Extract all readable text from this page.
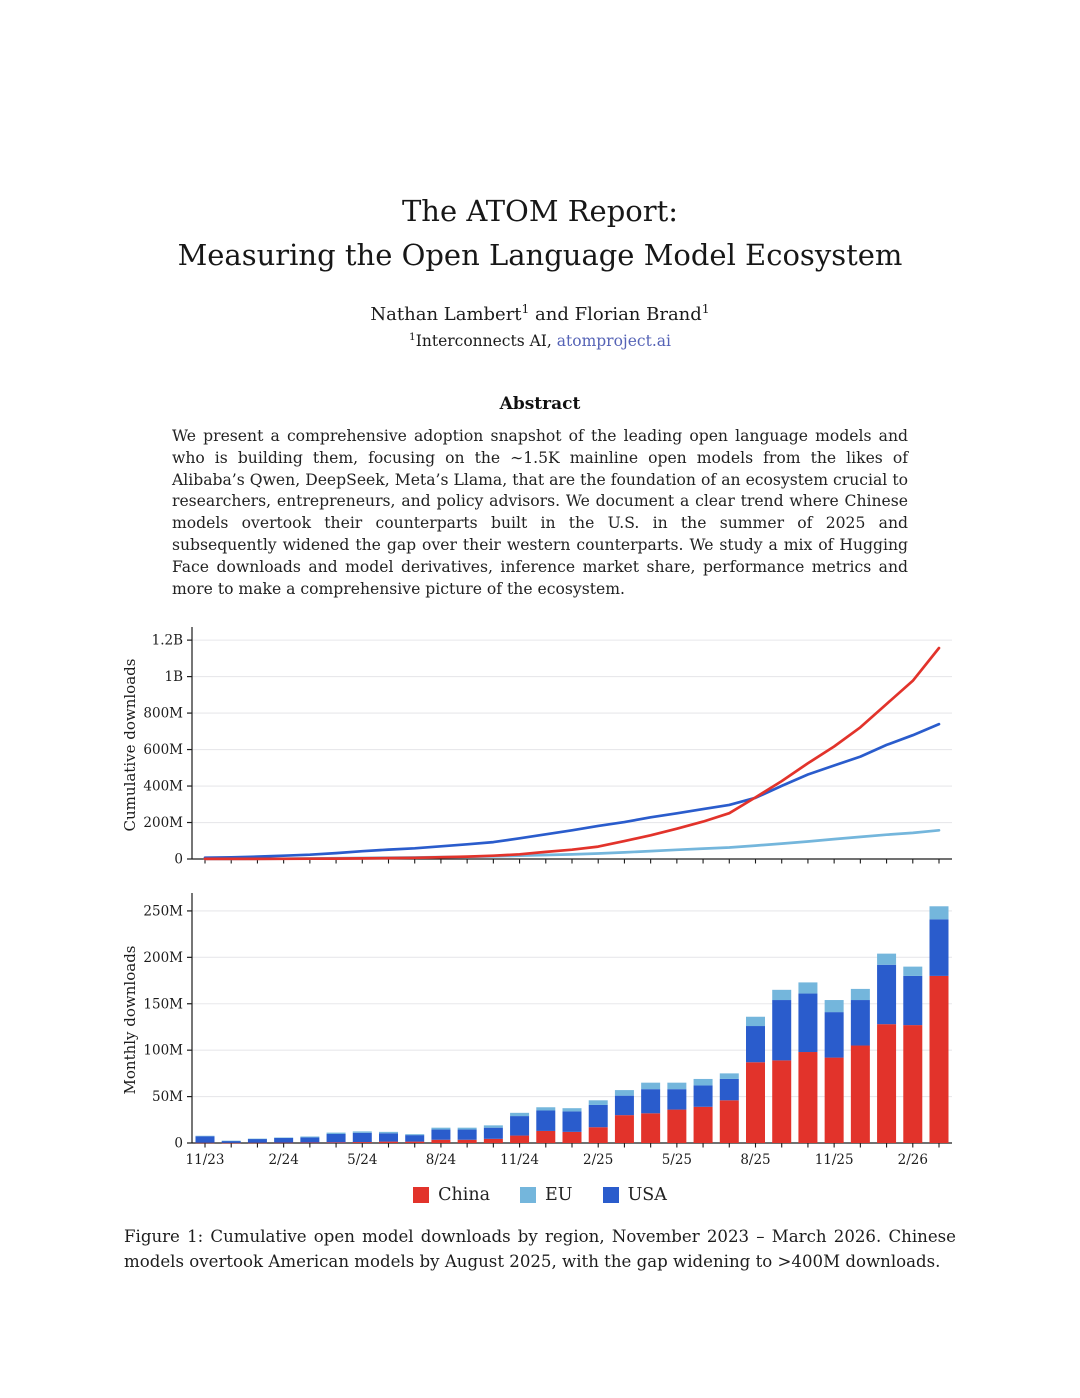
The ATOM Report:
Measuring the Open Language Model Ecosystem
Nathan Lambert$^1$ and Florian Brand$^1$
$^1$Interconnects AI, atomproject.ai
Abstract

We present a comprehensive adoption snapshot of the leading open language models and who is building them, focusing on the ∼1.5K mainline open models from the likes of Alibaba’s Qwen, DeepSeek, Meta’s Llama, that are the foundation of an ecosystem crucial to researchers, entrepreneurs, and policy advisors. We document a clear trend where Chinese models overtook their counterparts built in the U.S. in the summer of 2025 and subsequently widened the gap over their western counterparts. We study a mix of Hugging Face downloads and model derivatives, inference market share, performance metrics and more to make a comprehensive picture of the ecosystem.

0
200M
400M
600M
800M
1B
1.2B
Cumulative downloads
0
50M
100M
150M
200M
250M
Monthly downloads
11/23	2/24	5/24	8/24	11/24	2/25	5/25	8/25	11/25	2/26
China	EU	USA
Figure 1: Cumulative open model downloads by region, November 2023 – March 2026. Chinese models overtook American models by August 2025, with the gap widening to >400M downloads.
